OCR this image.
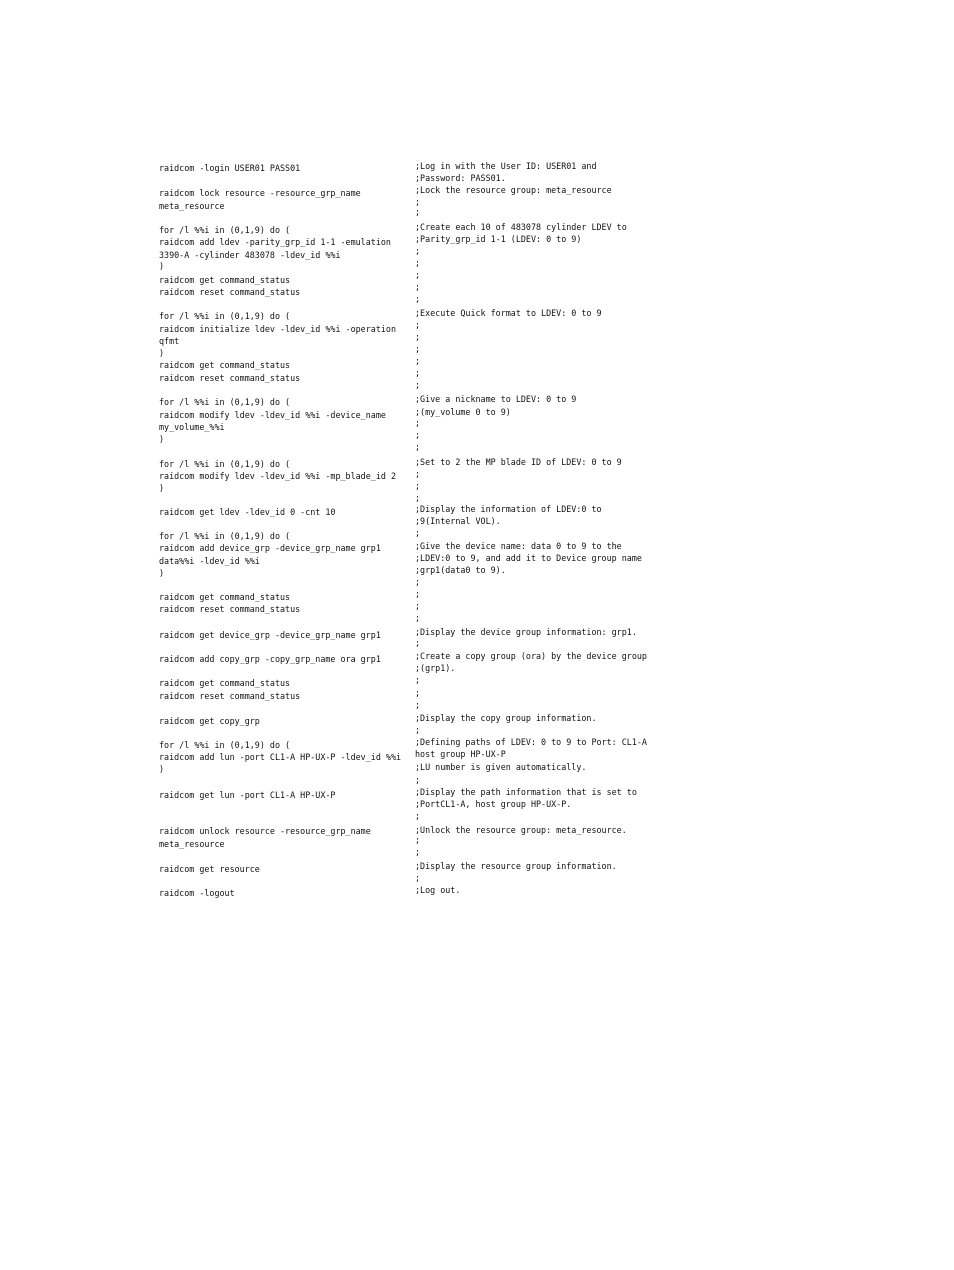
raidcom -login USER01 PASS01
raidcom lock resource -resource_grp_name
meta_resource
for /l %%i in (0,1,9) do (
raidcom add ldev -parity_grp_id 1-1 -emulation
3390-A -cylinder 483078 -ldev_id %%i
)
raidcom get command_status
raidcom reset command_status
for /l %%i in (0,1,9) do (
raidcom initialize ldev -ldev_id %%i -operation
qfmt
)
raidcom get command_status
raidcom reset command_status
for /l %%i in (0,1,9) do (
raidcom modify ldev -ldev_id %%i -device_name
my_volume_%%i
)
for /l %%i in (0,1,9) do (
raidcom modify ldev -ldev_id %%i -mp_blade_id 2
)
raidcom get ldev -ldev_id 0 -cnt 10
for /l %%i in (0,1,9) do (
raidcom add device_grp -device_grp_name grp1
data%%i -ldev_id %%i
)
raidcom get command_status
raidcom reset command_status
raidcom get device_grp -device_grp_name grp1
raidcom add copy_grp -copy_grp_name ora grp1
raidcom get command_status
raidcom reset command_status
raidcom get copy_grp
for /l %%i in (0,1,9) do (
raidcom add lun -port CL1-A HP-UX-P -ldev_id %%i
)
raidcom get lun -port CL1-A HP-UX-P
raidcom unlock resource -resource_grp_name
meta_resource
raidcom get resource
raidcom -logout
;Log in with the User ID: USER01 and
;Password: PASS01.
;Lock the resource group: meta_resource
;
;
;Create each 10 of 483078 cylinder LDEV to
;Parity_grp_id 1-1 (LDEV: 0 to 9)
;
;
;
;
;
;Execute Quick format to LDEV: 0 to 9
;
;
;
;
;
;
;Give a nickname to LDEV: 0 to 9
;(my_volume 0 to 9)
;
;
;
;Set to 2 the MP blade ID of LDEV: 0 to 9
;
;
;
;Display the information of LDEV:0 to
;9(Internal VOL).
;
;Give the device name: data 0 to 9 to the
;LDEV:0 to 9, and add it to Device group name
;grp1(data0 to 9).
;
;
;
;
;Display the device group information: grp1.
;
;Create a copy group (ora) by the device group
;(grp1).
;
;
;
;Display the copy group information.
;
;Defining paths of LDEV: 0 to 9 to Port: CL1-A
host group HP-UX-P
;LU number is given automatically.
;
;Display the path information that is set to
;PortCL1-A, host group HP-UX-P.
;
;Unlock the resource group: meta_resource.
;
;
;Display the resource group information.
;
;Log out.
